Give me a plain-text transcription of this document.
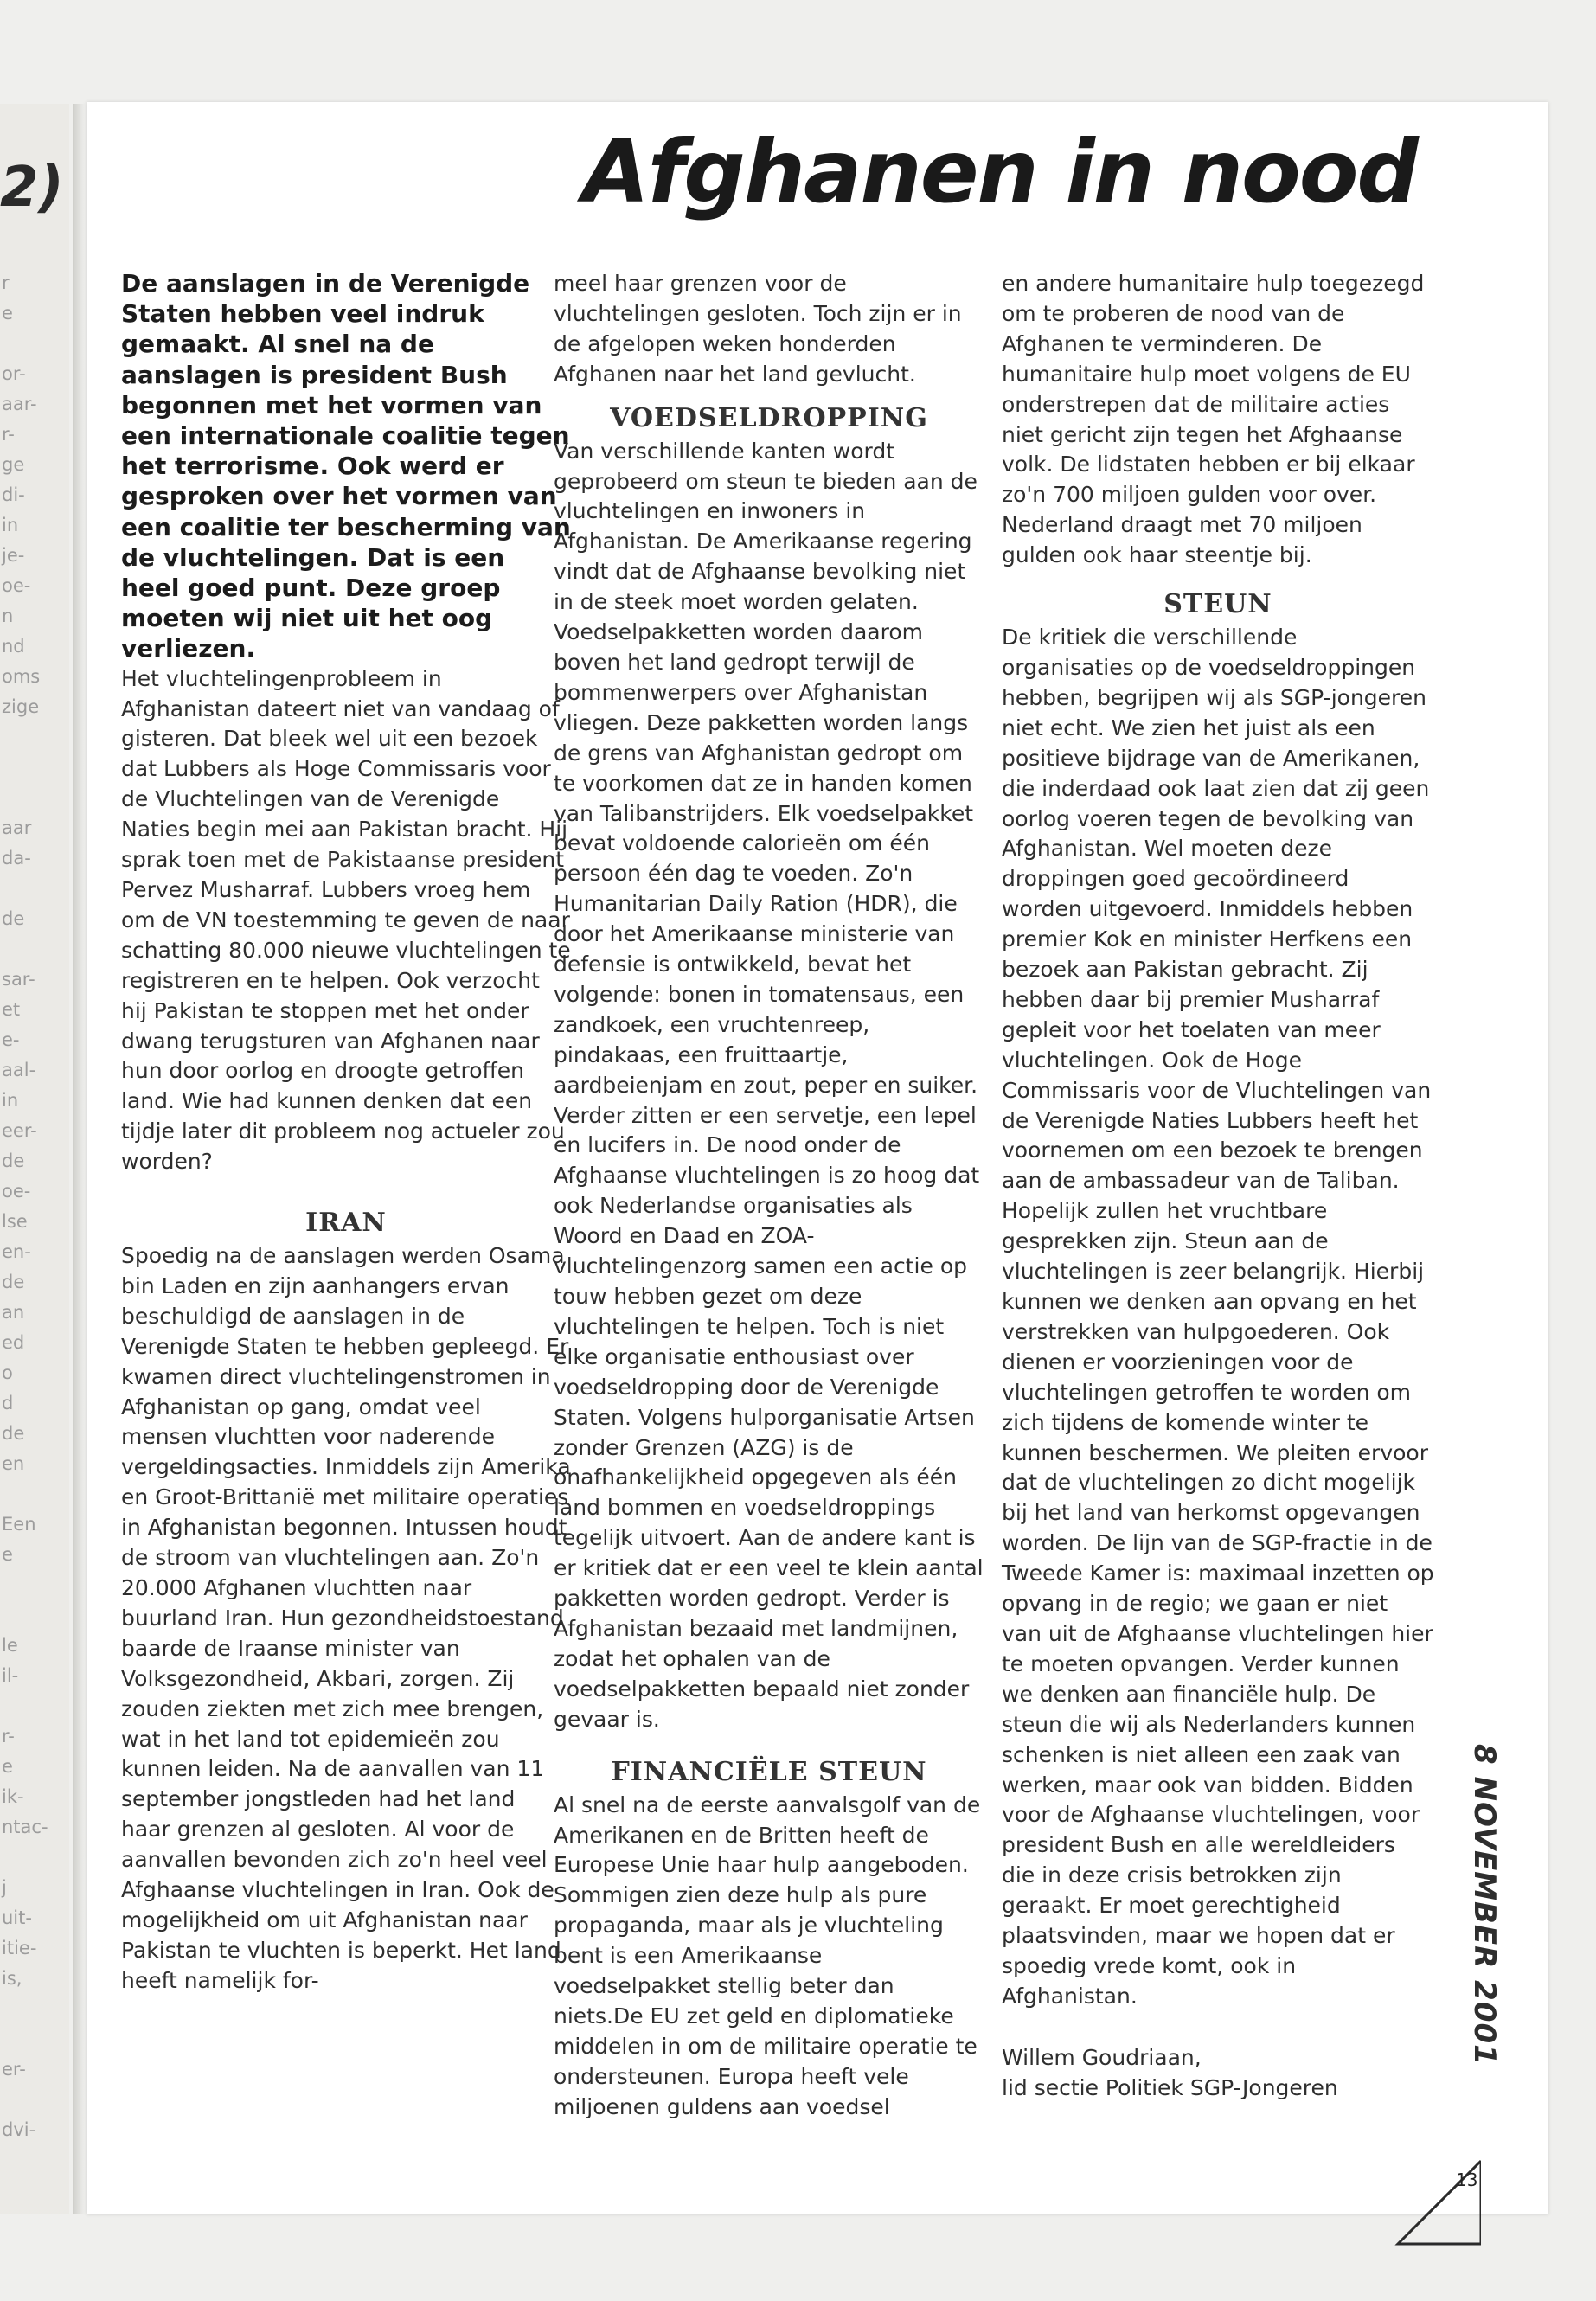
2)
r
e
or-
aar-
r-
ge
di-
in
je-
oe-
n
nd
oms
zige
aar
da-
de
sar-
et
e-
aal-
in
eer-
de
oe-
lse
en-
de
an
ed
o
d
de
en
Een
e
le
il-
r-
e
ik-
ntac-
j
uit-
itie-
is,
er-
dvi-
Afghanen in nood

De aanslagen in de Verenigde Staten hebben veel indruk gemaakt. Al snel na de aanslagen is president Bush begonnen met het vormen van een internationale coalitie tegen het terrorisme. Ook werd er gesproken over het vormen van een coalitie ter bescherming van de vluchtelingen. Dat is een heel goed punt. Deze groep moeten wij niet uit het oog verliezen.

Het vluchtelingenprobleem in Afghanistan dateert niet van vandaag of gisteren. Dat bleek wel uit een bezoek dat Lubbers als Hoge Commissaris voor de Vluchtelingen van de Verenigde Naties begin mei aan Pakistan bracht. Hij sprak toen met de Pakistaanse president Pervez Musharraf. Lubbers vroeg hem om de VN toestemming te geven de naar schatting 80.000 nieuwe vluchtelingen te registreren en te helpen. Ook verzocht hij Pakistan te stoppen met het onder dwang terugsturen van Afghanen naar hun door oorlog en droogte getroffen land. Wie had kunnen denken dat een tijdje later dit probleem nog actueler zou worden?

IRAN

Spoedig na de aanslagen werden Osama bin Laden en zijn aanhangers ervan beschuldigd de aanslagen in de Verenigde Staten te hebben gepleegd. Er kwamen direct vluchtelingenstromen in Afghanistan op gang, omdat veel mensen vluchtten voor naderende vergeldingsacties. Inmiddels zijn Amerika en Groot-Brittanië met militaire operaties in Afghanistan begonnen. Intussen houdt de stroom van vluchtelingen aan. Zo'n 20.000 Afghanen vluchtten naar buurland Iran. Hun gezondheidstoestand baarde de Iraanse minister van Volksgezondheid, Akbari, zorgen. Zij zouden ziekten met zich mee brengen, wat in het land tot epidemieën zou kunnen leiden. Na de aanvallen van 11 september jongstleden had het land haar grenzen al gesloten. Al voor de aanvallen bevonden zich zo'n heel veel Afghaanse vluchtelingen in Iran. Ook de mogelijkheid om uit Afghanistan naar Pakistan te vluchten is beperkt. Het land heeft namelijk for-

meel haar grenzen voor de vluchtelingen gesloten. Toch zijn er in de afgelopen weken honderden Afghanen naar het land gevlucht.

VOEDSELDROPPING

Van verschillende kanten wordt geprobeerd om steun te bieden aan de vluchtelingen en inwoners in Afghanistan. De Amerikaanse regering vindt dat de Afghaanse bevolking niet in de steek moet worden gelaten. Voedselpakketten worden daarom boven het land gedropt terwijl de bommenwerpers over Afghanistan vliegen. Deze pakketten worden langs de grens van Afghanistan gedropt om te voorkomen dat ze in handen komen van Talibanstrijders. Elk voedselpakket bevat voldoende calorieën om één persoon één dag te voeden. Zo'n Humanitarian Daily Ration (HDR), die door het Amerikaanse ministerie van defensie is ontwikkeld, bevat het volgende: bonen in tomatensaus, een zandkoek, een vruchtenreep, pindakaas, een fruittaartje, aardbeienjam en zout, peper en suiker. Verder zitten er een servetje, een lepel en lucifers in. De nood onder de Afghaanse vluchtelingen is zo hoog dat ook Nederlandse organisaties als Woord en Daad en ZOA-vluchtelingenzorg samen een actie op touw hebben gezet om deze vluchtelingen te helpen. Toch is niet elke organisatie enthousiast over voedseldropping door de Verenigde Staten. Volgens hulporganisatie Artsen zonder Grenzen (AZG) is de onafhankelijkheid opgegeven als één land bommen en voedseldroppings tegelijk uitvoert. Aan de andere kant is er kritiek dat er een veel te klein aantal pakketten worden gedropt. Verder is Afghanistan bezaaid met landmijnen, zodat het ophalen van de voedselpakketten bepaald niet zonder gevaar is.

FINANCIËLE STEUN

Al snel na de eerste aanvalsgolf van de Amerikanen en de Britten heeft de Europese Unie haar hulp aangeboden. Sommigen zien deze hulp als pure propaganda, maar als je vluchteling bent is een Amerikaanse voedselpakket stellig beter dan niets.De EU zet geld en diplomatieke middelen in om de militaire operatie te ondersteunen. Europa heeft vele miljoenen guldens aan voedsel

en andere humanitaire hulp toegezegd om te proberen de nood van de Afghanen te verminderen. De humanitaire hulp moet volgens de EU onderstrepen dat de militaire acties niet gericht zijn tegen het Afghaanse volk. De lidstaten hebben er bij elkaar zo'n 700 miljoen gulden voor over. Nederland draagt met 70 miljoen gulden ook haar steentje bij.

STEUN

De kritiek die verschillende organisaties op de voedseldroppingen hebben, begrijpen wij als SGP-jongeren niet echt. We zien het juist als een positieve bijdrage van de Amerikanen, die inderdaad ook laat zien dat zij geen oorlog voeren tegen de bevolking van Afghanistan. Wel moeten deze droppingen goed gecoördineerd worden uitgevoerd. Inmiddels hebben premier Kok en minister Herfkens een bezoek aan Pakistan gebracht. Zij hebben daar bij premier Musharraf gepleit voor het toelaten van meer vluchtelingen. Ook de Hoge Commissaris voor de Vluchtelingen van de Verenigde Naties Lubbers heeft het voornemen om een bezoek te brengen aan de ambassadeur van de Taliban. Hopelijk zullen het vruchtbare gesprekken zijn. Steun aan de vluchtelingen is zeer belangrijk. Hierbij kunnen we denken aan opvang en het verstrekken van hulpgoederen. Ook dienen er voorzieningen voor de vluchtelingen getroffen te worden om zich tijdens de komende winter te kunnen beschermen. We pleiten ervoor dat de vluchtelingen zo dicht mogelijk bij het land van herkomst opgevangen worden. De lijn van de SGP-fractie in de Tweede Kamer is: maximaal inzetten op opvang in de regio; we gaan er niet van uit de Afghaanse vluchtelingen hier te moeten opvangen. Verder kunnen we denken aan financiële hulp. De steun die wij als Nederlanders kunnen schenken is niet alleen een zaak van werken, maar ook van bidden. Bidden voor de Afghaanse vluchtelingen, voor president Bush en alle wereldleiders die in deze crisis betrokken zijn geraakt. Er moet gerechtigheid plaatsvinden, maar we hopen dat er spoedig vrede komt, ook in Afghanistan.

Willem Goudriaan,

lid sectie Politiek SGP-Jongeren

8 NOVEMBER 2001
13
